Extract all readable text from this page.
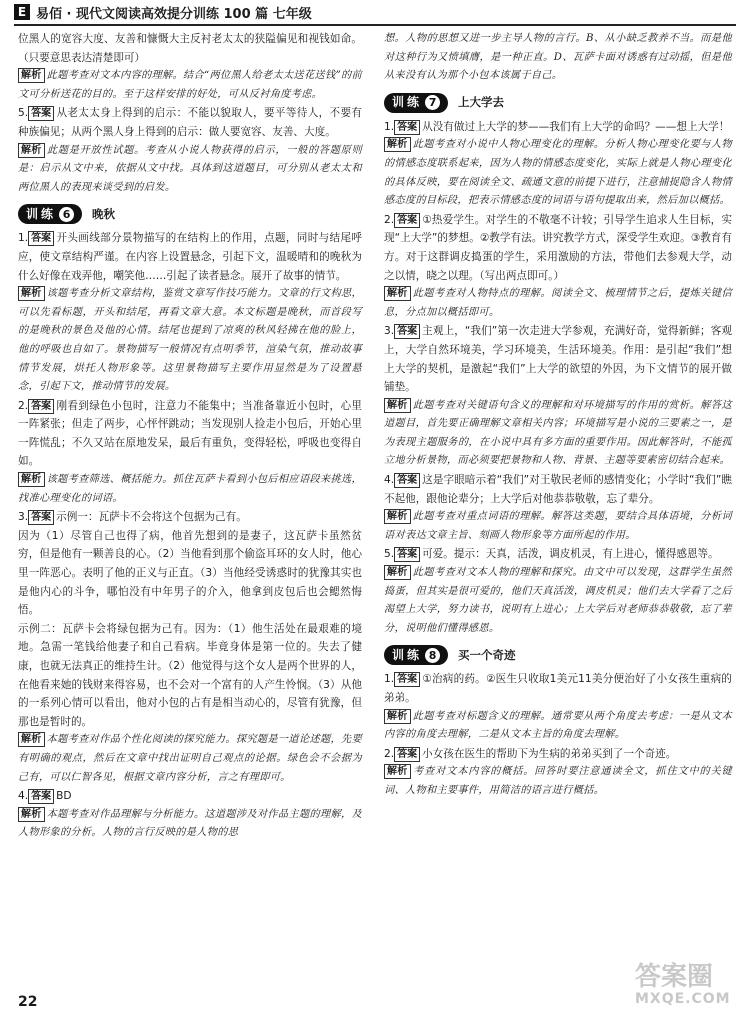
E 易佰 · 现代文阅读高效提分训练 100 篇 七年级

位黑人的宽容大度、友善和慷慨大主反衬老太太的狭隘偏见和视钱如命。（只要意思表达清楚即可）

解析 此题考查对文本内容的理解。结合“两位黑人给老太太送花送钱”的前文可分析送花的目的。至于这样安排的好处，可从反衬角度考虑。

5. 答案 从老太太身上得到的启示：不能以貌取人，要平等待人，不要有种族偏见；从两个黑人身上得到的启示：做人要宽容、友善、大度。

解析 此题是开放性试题。考查从小说人物获得的启示，一般的答题原则是：启示从文中来，依据从文中找。具体到这道题目，可分别从老太太和两位黑人的表现来谈受到的启发。

训练 6	晚秋

1. 答案 开头画线部分景物描写的在结构上的作用，点题，同时与结尾呼应，使文章结构严谨。在内容上设置悬念，引起下文，温暖晴和的晚秋为什么好像在戏弄他，嘲笑他……引起了读者悬念。展开了故事的情节。

解析 该题考查分析文章结构，鉴赏文章写作技巧能力。文章的行文构思，可以先看标题，开头和结尾，再看文章大意。本文标题是晚秋，而首段写的是晚秋的景色及他的心情。结尾也提到了凉爽的秋风轻拂在他的脸上，他的呼吸也自如了。景物描写一般情况有点明季节，渲染气氛，推动故事情节发展，烘托人物形象等。这里景物描写主要作用显然是为了设置悬念，引起下文，推动情节的发展。

2. 答案 刚看到绿色小包时，注意力不能集中；当准备靠近小包时，心里一阵紧张；但走了两步，心怦怦跳动；当发现别人捡走小包后，开始心里一阵慌乱；不久又站在原地发呆，最后有重负，变得轻松，呼吸也变得自如。

解析 该题考查筛选、概括能力。抓住瓦萨卡看到小包后相应语段来挑选，找准心理变化的词语。

3. 答案 示例一：瓦萨卡不会将这个包据为己有。

因为（1）尽管自己也得了病，他首先想到的是妻子，这瓦萨卡虽然贫穷，但是他有一颗善良的心。（2）当他看到那个偷盗耳环的女人时，他心里一阵恶心。表明了他的正义与正直。（3）当他经受诱惑时的犹豫其实也是他内心的斗争，哪怕没有中年男子的介入，他拿到皮包后也会鳃然悔悟。

示例二：瓦萨卡会将绿包据为己有。因为：（1）他生活处在最艰难的境地。急需一笔钱给他妻子和自己看病。毕竟身体是第一位的。失去了健康，也就无法真正的维持生计。（2）他觉得与这个女人是两个世界的人，在他看来她的钱财来得容易，也不会对一个富有的人产生怜悯。（3）从他的一系列心情可以看出，他对小包的占有是相当动心的，尽管有犹豫，但那也是暂时的。

解析 本题考查对作品个性化阅读的探究能力。探究题是一道论述题，先要有明确的观点，然后在文章中找出证明自己观点的论据。绿色会不会据为己有，可以仁智各见，根据文章内容分析，言之有理即可。

4. 答案 BD

解析 本题考查对作品理解与分析能力。这道题涉及对作品主题的理解，及人物形象的分析。人物的言行反映的是人物的思

想。人物的思想又进一步主导人物的言行。B、从小缺乏教养不当。而是他对这种行为又愤填膺，是一种正直。D、瓦萨卡面对诱惑有过动摇，但是他从来没有认为那个小包本该属于自己。

训练 7	上大学去

1. 答案 从没有做过上大学的梦——我们有上大学的命吗？——想上大学！

解析 此题考查对小说中人物心理变化的理解。分析人物心理变化要与人物的情感态度联系起来，因为人物的情感态度变化，实际上就是人物心理变化的具体反映，要在阅读全文、疏通文意的前提下进行，注意捕捉隐含人物情感态度的目标段，把表示情感态度的词语与语句提取出来，然后加以概括。

2. 答案 ①热爱学生。对学生的不敬毫不计较；引导学生追求人生目标，实现“上大学”的梦想。②教学有法。讲究教学方式，深受学生欢迎。③教育有方。对于这群调皮捣蛋的学生，采用激励的方法，带他们去参观大学，动之以情，晓之以理。（写出两点即可。）

解析 此题考查对人物特点的理解。阅读全文、梳理情节之后，提炼关键信息，分点加以概括即可。

3. 答案 主观上，“我们”第一次走进大学参观，充满好奇，觉得新鲜；客观上，大学自然环境美，学习环境美，生活环境美。作用：是引起“我们”想上大学的契机，是激起“我们”上大学的欲望的外因，为下文情节的展开做铺垫。

解析 此题考查对关键语句含义的理解和对环境描写的作用的赏析。解答这道题目，首先要正确理解文章相关内容；环境描写是小说的三要素之一，是为表现主题服务的，在小说中具有多方面的重要作用。因此解答时，不能孤立地分析景物，而必须要把景物和人物、背景、主题等要素密切结合起来。

4. 答案 这是字眼暗示着“我们”对王敬民老师的感情变化；小学时“我们”瞧不起他，跟他论辈分；上大学后对他恭恭敬敬，忘了辈分。

解析 此题考查对重点词语的理解。解答这类题，要结合具体语境，分析词语对表达文章主旨、刻画人物形象等方面所起的作用。

5. 答案 可爱。提示：天真，活泼，调皮机灵，有上进心，懂得感恩等。

解析 此题考查对文本人物的理解和探究。由文中可以发现，这群学生虽然捣蛋，但其实是很可爱的，他们天真活泼，调皮机灵；他们去大学看了之后渴望上大学，努力读书，说明有上进心；上大学后对老师恭恭敬敬，忘了辈分，说明他们懂得感恩。

训练 8	买一个奇迹

1. 答案 ①治病的药。②医生只收取1美元11美分便治好了小女孩生重病的弟弟。

解析 此题考查对标题含义的理解。通常要从两个角度去考虑：一是从文本内容的角度去理解，二是从文本主旨的角度去理解。

2. 答案 小女孩在医生的帮助下为生病的弟弟买到了一个奇迹。

解析 考查对文本内容的概括。回答时要注意通读全文，抓住文中的关键词、人物和主要事件，用简洁的语言进行概括。

22
答案圈
MXQE.COM
